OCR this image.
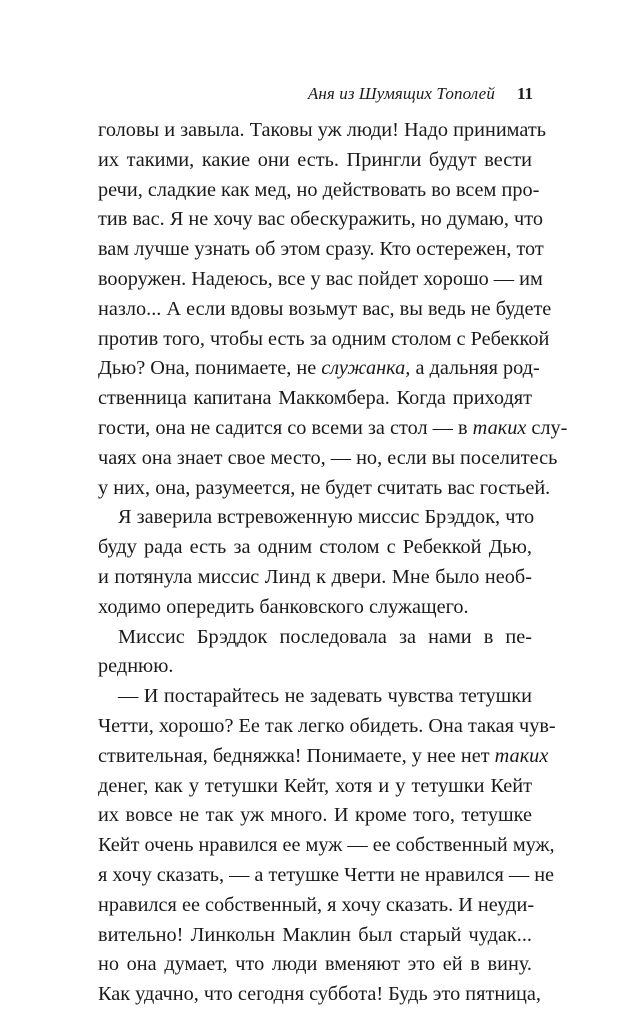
Аня из Шумящих Тополей 11
головы и завыла. Таковы уж люди! Надо принимать
их такими, какие они есть. Прингли будут вести
речи, сладкие как мед, но действовать во всем про-
тив вас. Я не хочу вас обескуражить, но думаю, что
вам лучше узнать об этом сразу. Кто остережен, тот
вооружен. Надеюсь, все у вас пойдет хорошо — им
назло... А если вдовы возьмут вас, вы ведь не будете
против того, чтобы есть за одним столом с Ребеккой
Дью? Она, понимаете, не служанка, а дальняя род-
ственница капитана Маккомбера. Когда приходят
гости, она не садится со всеми за стол — в таких слу-
чаях она знает свое место, — но, если вы поселитесь
у них, она, разумеется, не будет считать вас гостьей.
Я заверила встревоженную миссис Брэддок, что
буду рада есть за одним столом с Ребеккой Дью,
и потянула миссис Линд к двери. Мне было необ-
ходимо опередить банковского служащего.
Миссис Брэддок последовала за нами в пе-
реднюю.
— И постарайтесь не задевать чувства тетушки
Четти, хорошо? Ее так легко обидеть. Она такая чув-
ствительная, бедняжка! Понимаете, у нее нет таких
денег, как у тетушки Кейт, хотя и у тетушки Кейт
их вовсе не так уж много. И кроме того, тетушке
Кейт очень нравился ее муж — ее собственный муж,
я хочу сказать, — а тетушке Четти не нравился — не
нравился ее собственный, я хочу сказать. И неуди-
вительно! Линкольн Маклин был старый чудак...
но она думает, что люди вменяют это ей в вину.
Как удачно, что сегодня суббота! Будь это пятница,
